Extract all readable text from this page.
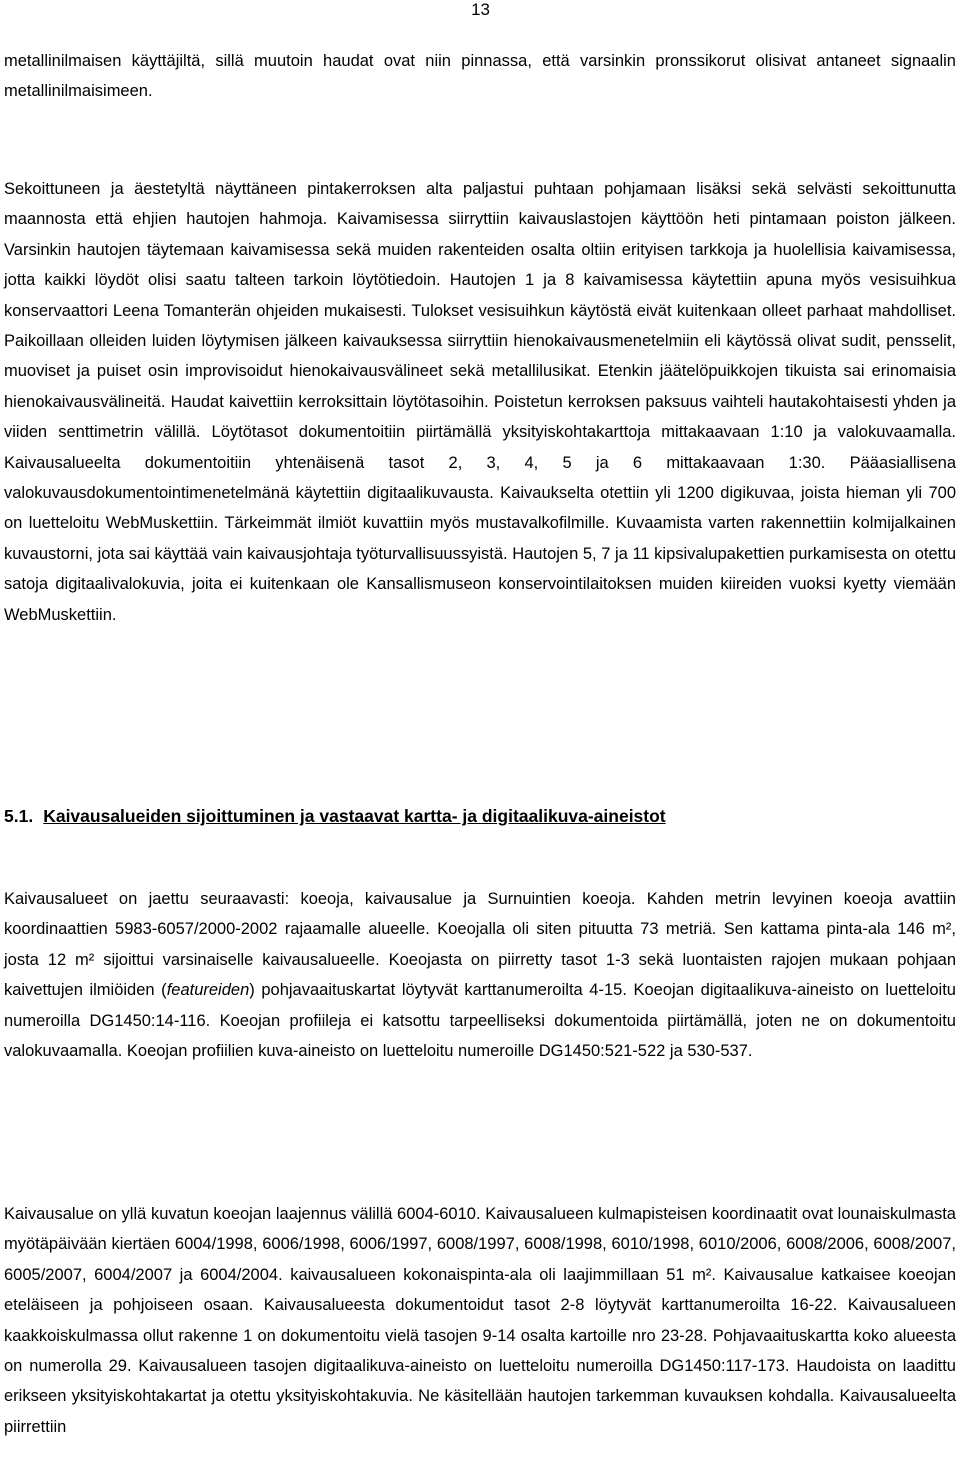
13

metallinilmaisen käyttäjiltä, sillä muutoin haudat ovat niin pinnassa, että varsinkin pronssikorut olisivat antaneet signaalin metallinilmaisimeen.

Sekoittuneen ja äestetyltä näyttäneen pintakerroksen alta paljastui puhtaan pohjamaan lisäksi sekä selvästi sekoittunutta maannosta että ehjien hautojen hahmoja. Kaivamisessa siirryttiin kaivauslastojen käyttöön heti pintamaan poiston jälkeen. Varsinkin hautojen täytemaan kaivamisessa sekä muiden rakenteiden osalta oltiin erityisen tarkkoja ja huolellisia kaivamisessa, jotta kaikki löydöt olisi saatu talteen tarkoin löytötiedoin. Hautojen 1 ja 8 kaivamisessa käytettiin apuna myös vesisuihkua konservaattori Leena Tomanterän ohjeiden mukaisesti. Tulokset vesisuihkun käytöstä eivät kuitenkaan olleet parhaat mahdolliset. Paikoillaan olleiden luiden löytymisen jälkeen kaivauksessa siirryttiin hienokaivausmenetelmiin eli käytössä olivat sudit, pensselit, muoviset ja puiset osin improvisoidut hienokaivausvälineet sekä metallilusikat. Etenkin jäätelöpuikkojen tikuista sai erinomaisia hienokaivausvälineitä. Haudat kaivettiin kerroksittain löytötasoihin. Poistetun kerroksen paksuus vaihteli hautakohtaisesti yhden ja viiden senttimetrin välillä. Löytötasot dokumentoitiin piirtämällä yksityiskohtakarttoja mittakaavaan 1:10 ja valokuvaamalla. Kaivausalueelta dokumentoitiin yhtenäisenä tasot 2, 3, 4, 5 ja 6 mittakaavaan 1:30. Pääasiallisena valokuvausdokumentointimenetelmänä käytettiin digitaalikuvausta. Kaivaukselta otettiin yli 1200 digikuvaa, joista hieman yli 700 on luetteloitu WebMuskettiin. Tärkeimmät ilmiöt kuvattiin myös mustavalkofilmille. Kuvaamista varten rakennettiin kolmijalkainen kuvaustorni, jota sai käyttää vain kaivausjohtaja työturvallisuussyistä. Hautojen 5, 7 ja 11 kipsivalupakettien purkamisesta on otettu satoja digitaalivalokuvia, joita ei kuitenkaan ole Kansallismuseon konservointilaitoksen muiden kiireiden vuoksi kyetty viemään WebMuskettiin.

5.1. Kaivausalueiden sijoittuminen ja vastaavat kartta- ja digitaalikuva-aineistot

Kaivausalueet on jaettu seuraavasti: koeoja, kaivausalue ja Surnuintien koeoja. Kahden metrin levyinen koeoja avattiin koordinaattien 5983-6057/2000-2002 rajaamalle alueelle. Koeojalla oli siten pituutta 73 metriä. Sen kattama pinta-ala 146 m², josta 12 m² sijoittui varsinaiselle kaivausalueelle. Koeojasta on piirretty tasot 1-3 sekä luontaisten rajojen mukaan pohjaan kaivettujen ilmiöiden (featureiden) pohjavaaituskartat löytyvät karttanumeroilta 4-15. Koeojan digitaalikuva-aineisto on luetteloitu numeroilla DG1450:14-116. Koeojan profiileja ei katsottu tarpeelliseksi dokumentoida piirtämällä, joten ne on dokumentoitu valokuvaamalla. Koeojan profiilien kuva-aineisto on luetteloitu numeroille DG1450:521-522 ja 530-537.

Kaivausalue on yllä kuvatun koeojan laajennus välillä 6004-6010. Kaivausalueen kulmapisteisen koordinaatit ovat lounaiskulmasta myötäpäivään kiertäen 6004/1998, 6006/1998, 6006/1997, 6008/1997, 6008/1998, 6010/1998, 6010/2006, 6008/2006, 6008/2007, 6005/2007, 6004/2007 ja 6004/2004. kaivausalueen kokonaispinta-ala oli laajimmillaan 51 m². Kaivausalue katkaisee koeojan eteläiseen ja pohjoiseen osaan. Kaivausalueesta dokumentoidut tasot 2-8 löytyvät karttanumeroilta 16-22. Kaivausalueen kaakkoiskulmassa ollut rakenne 1 on dokumentoitu vielä tasojen 9-14 osalta kartoille nro 23-28. Pohjavaaituskartta koko alueesta on numerolla 29. Kaivausalueen tasojen digitaalikuva-aineisto on luetteloitu numeroilla DG1450:117-173. Haudoista on laadittu erikseen yksityiskohtakartat ja otettu yksityiskohtakuvia. Ne käsitellään hautojen tarkemman kuvauksen kohdalla. Kaivausalueelta piirrettiin
